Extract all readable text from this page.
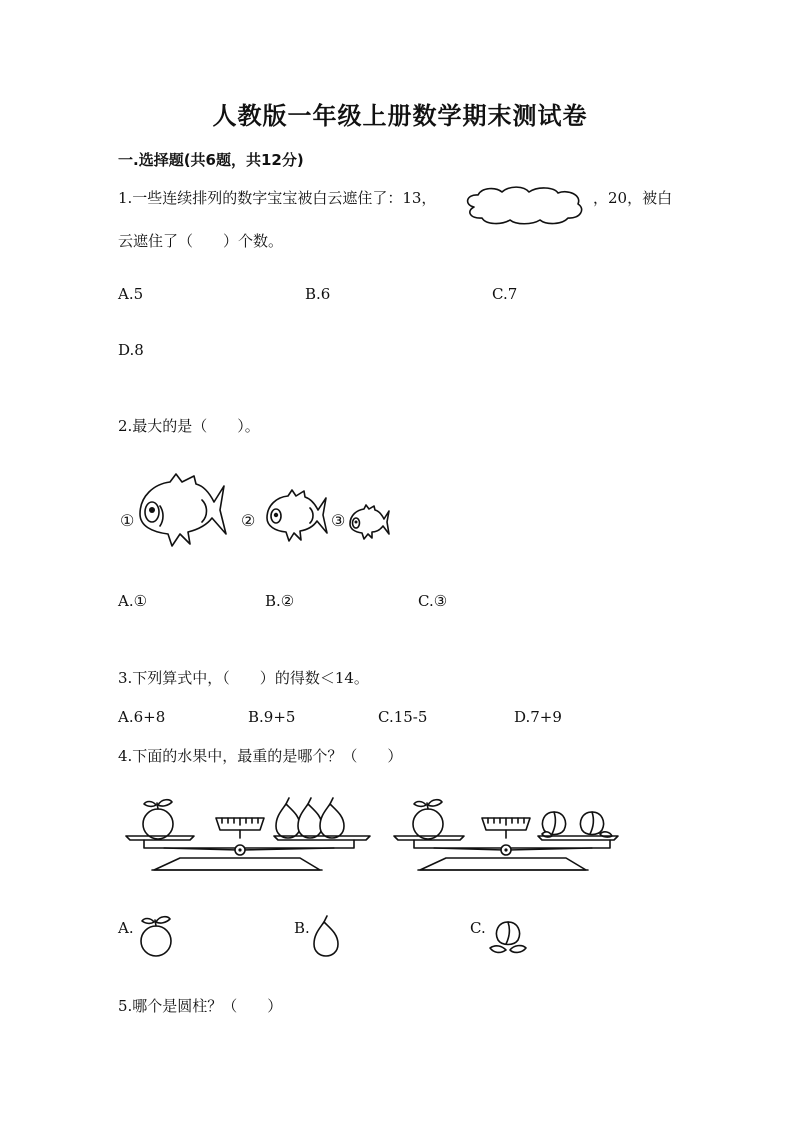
人教版一年级上册数学期末测试卷
一.选择题(共6题，共12分)
1.一些连续排列的数字宝宝被白云遮住了：13，	，20，被白
云遮住了（　　）个数。
A.5	B.6	C.7
D.8
2.最大的是（　　）。
①	②	③
A.①	B.②	C.③
3.下列算式中，（　　）的得数＜14。
A.6+8	B.9+5	C.15-5	D.7+9
4.下面的水果中，最重的是哪个？（　　）
A.	B.	C.
5.哪个是圆柱？（　　）
